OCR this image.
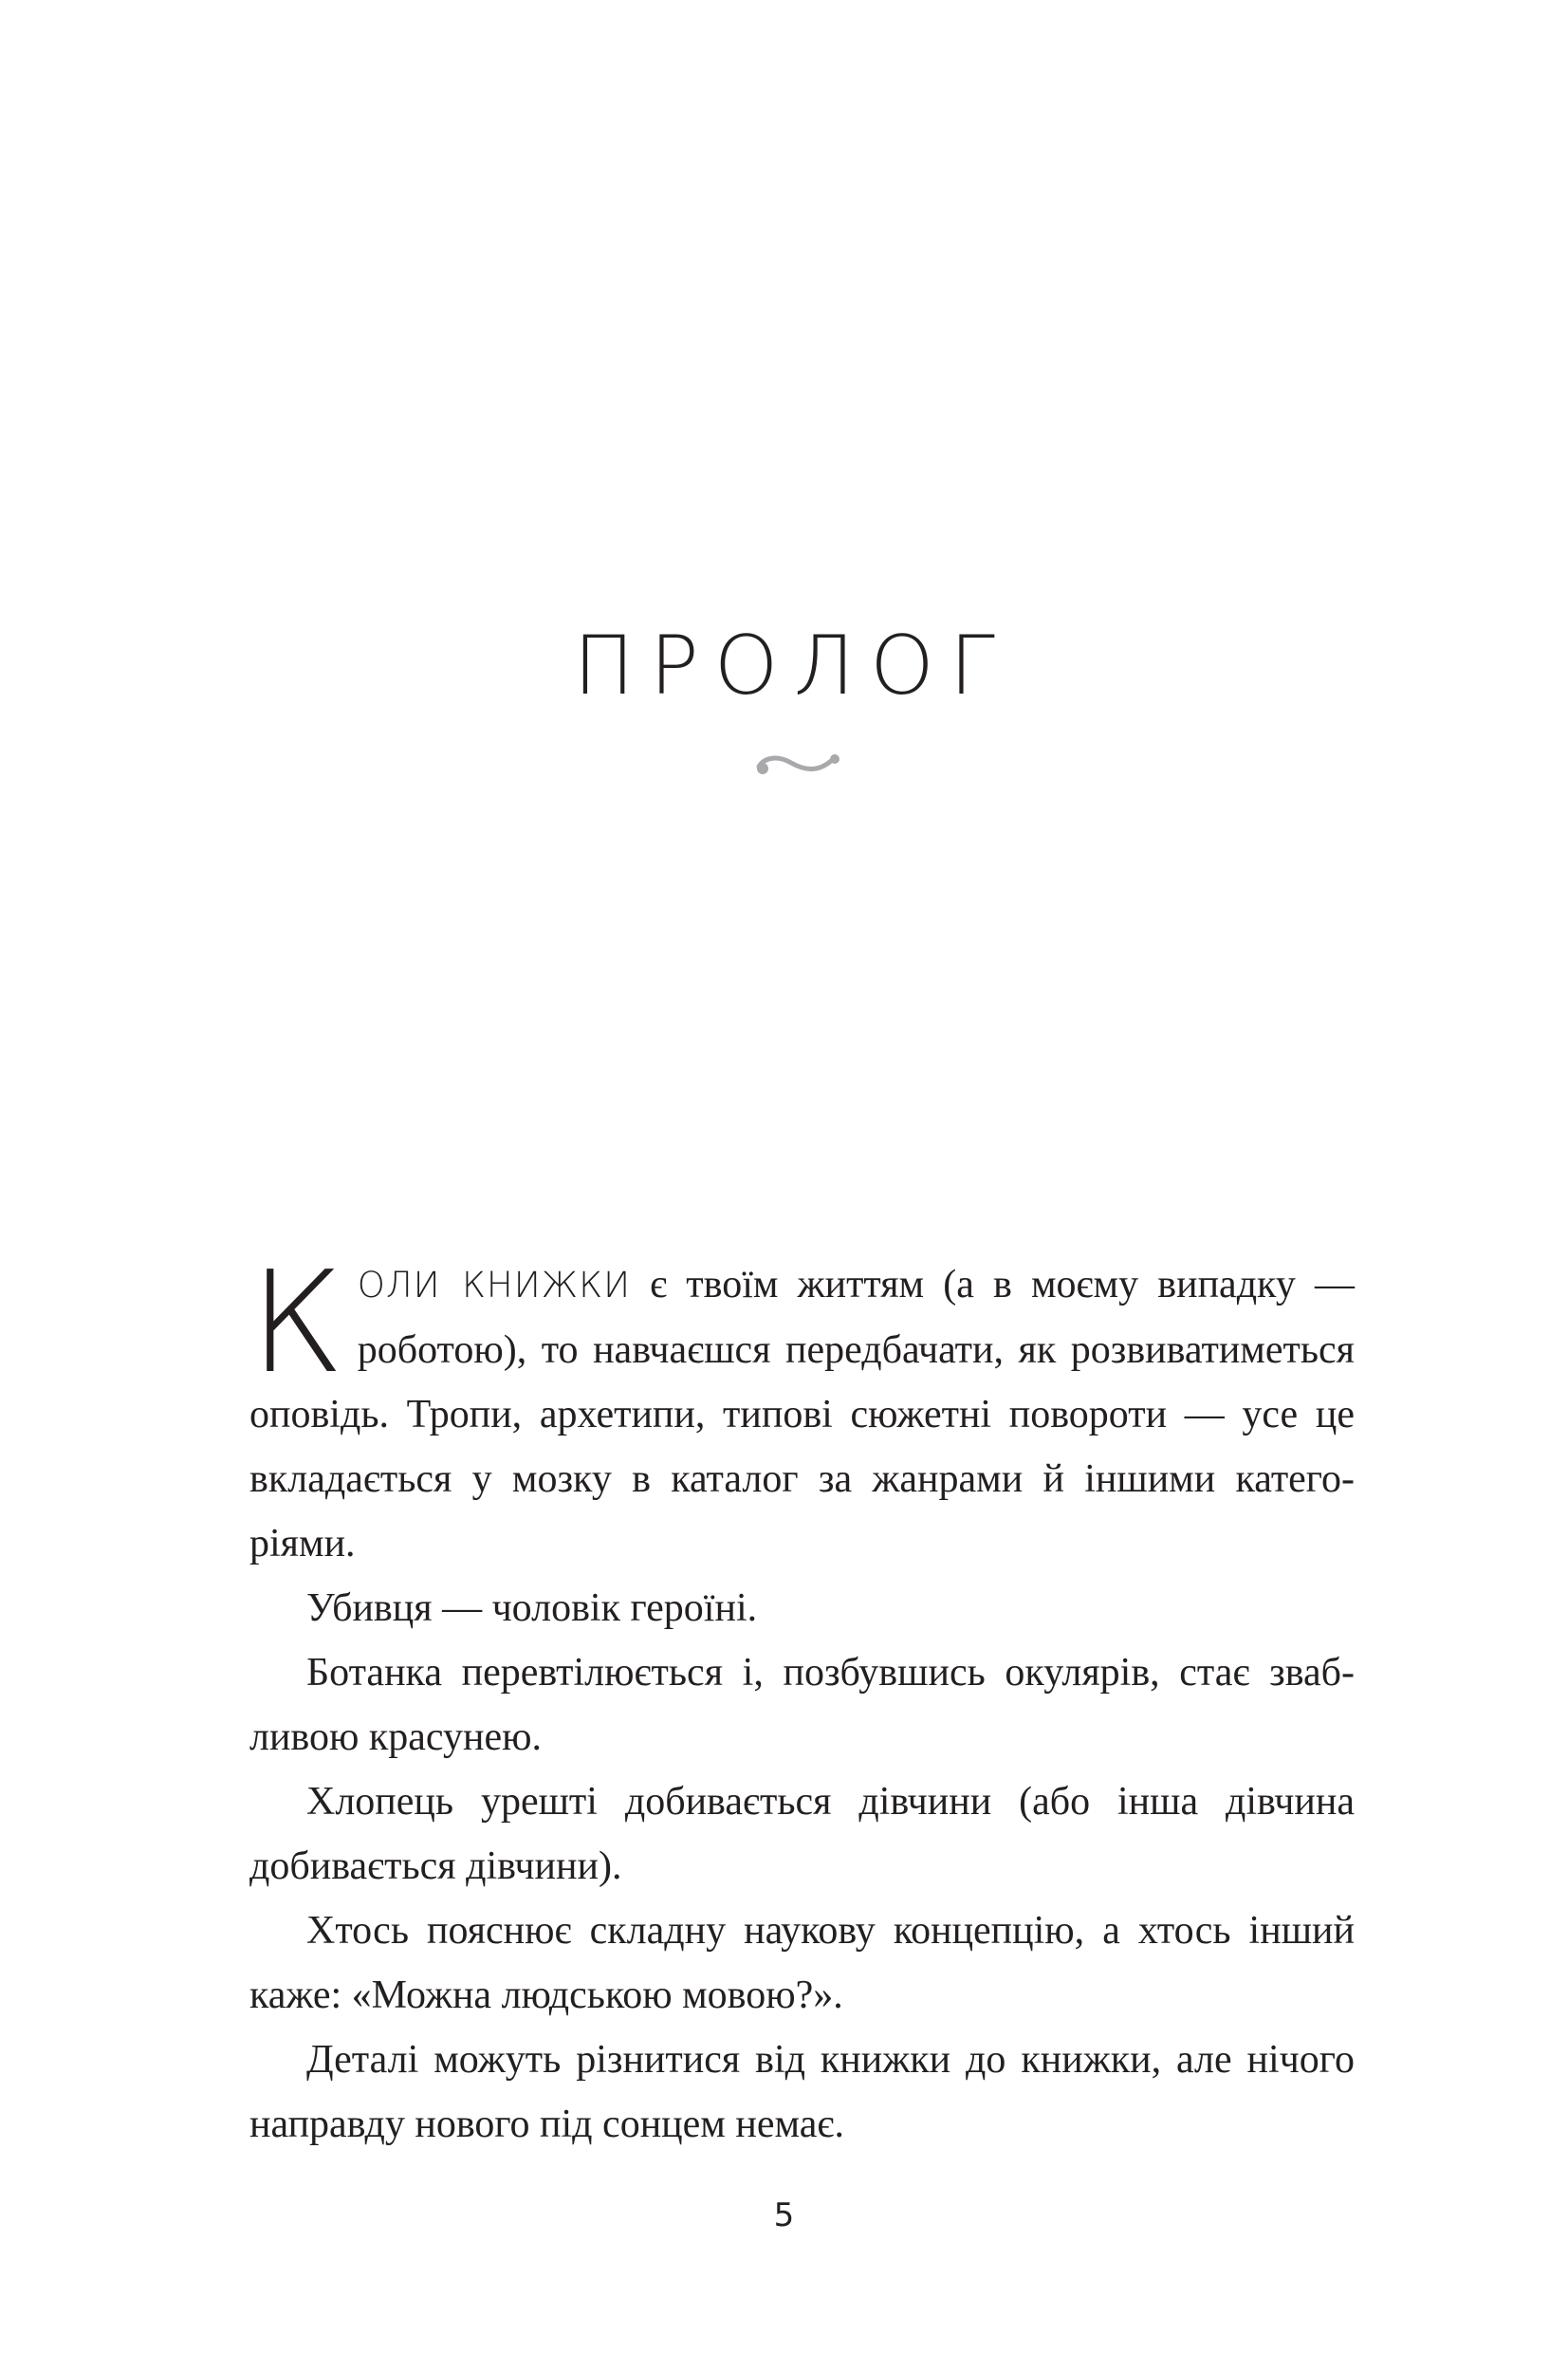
ПРОЛОГ

КОЛИ КНИЖКИ є твоїм життям (а в моєму випадку — роботою), то навчаєшся передбачати, як розвиватиметься оповідь. Тропи, архетипи, типові сюжетні повороти — усе це вкладається у мозку в каталог за жанрами й іншими категоріями.

Убивця — чоловік героїні.

Ботанка перевтілюється і, позбувшись окулярів, стає звабливою красунею.

Хлопець урешті добивається дівчини (або інша дівчина добивається дівчини).

Хтось пояснює складну наукову концепцію, а хтось інший каже: «Можна людською мовою?».

Деталі можуть різнитися від книжки до книжки, але нічого направду нового під сонцем немає.

5
